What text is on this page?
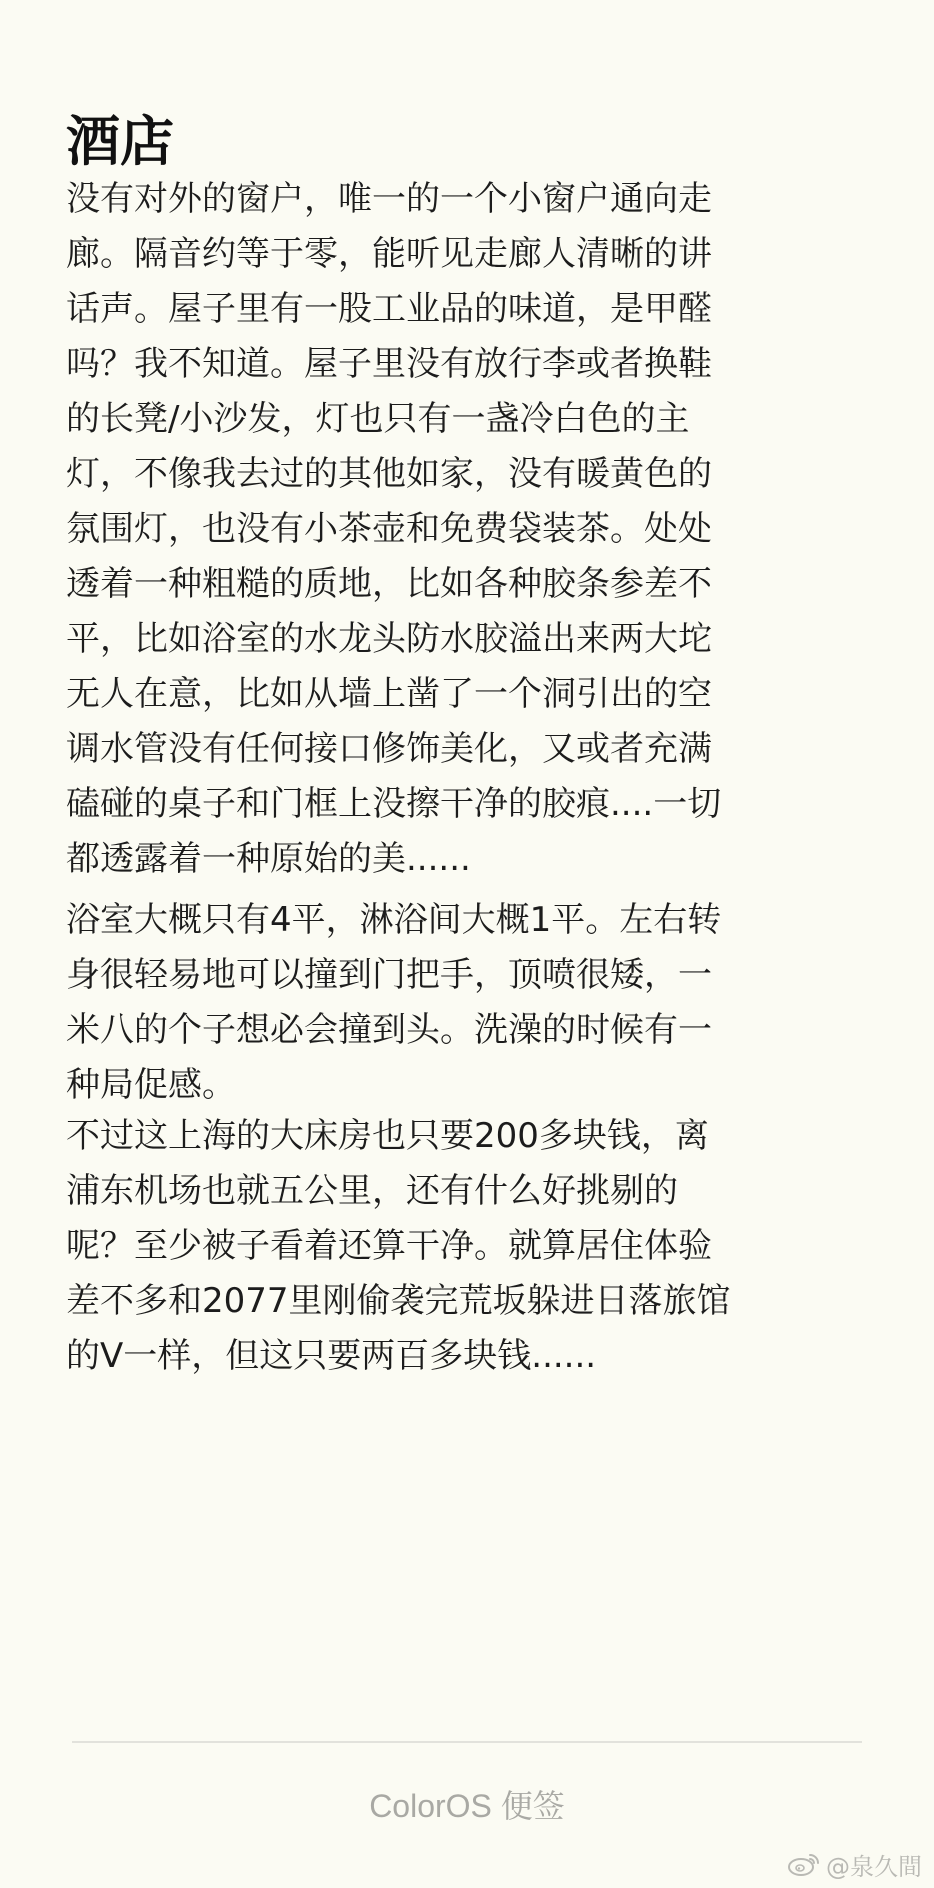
酒店
没有对外的窗户，唯一的一个小窗户通向走
廊。隔音约等于零，能听见走廊人清晰的讲
话声。屋子里有一股工业品的味道，是甲醛
吗？我不知道。屋子里没有放行李或者换鞋
的长凳/小沙发，灯也只有一盏冷白色的主
灯，不像我去过的其他如家，没有暖黄色的
氛围灯，也没有小茶壶和免费袋装茶。处处
透着一种粗糙的质地，比如各种胶条参差不
平，比如浴室的水龙头防水胶溢出来两大坨
无人在意，比如从墙上凿了一个洞引出的空
调水管没有任何接口修饰美化，又或者充满
磕碰的桌子和门框上没擦干净的胶痕....一切
都透露着一种原始的美......
浴室大概只有4平，淋浴间大概1平。左右转
身很轻易地可以撞到门把手，顶喷很矮，一
米八的个子想必会撞到头。洗澡的时候有一
种局促感。
不过这上海的大床房也只要200多块钱，离
浦东机场也就五公里，还有什么好挑剔的
呢？至少被子看着还算干净。就算居住体验
差不多和2077里刚偷袭完荒坂躲进日落旅馆
的V一样，但这只要两百多块钱......
ColorOS 便签
@泉久間
